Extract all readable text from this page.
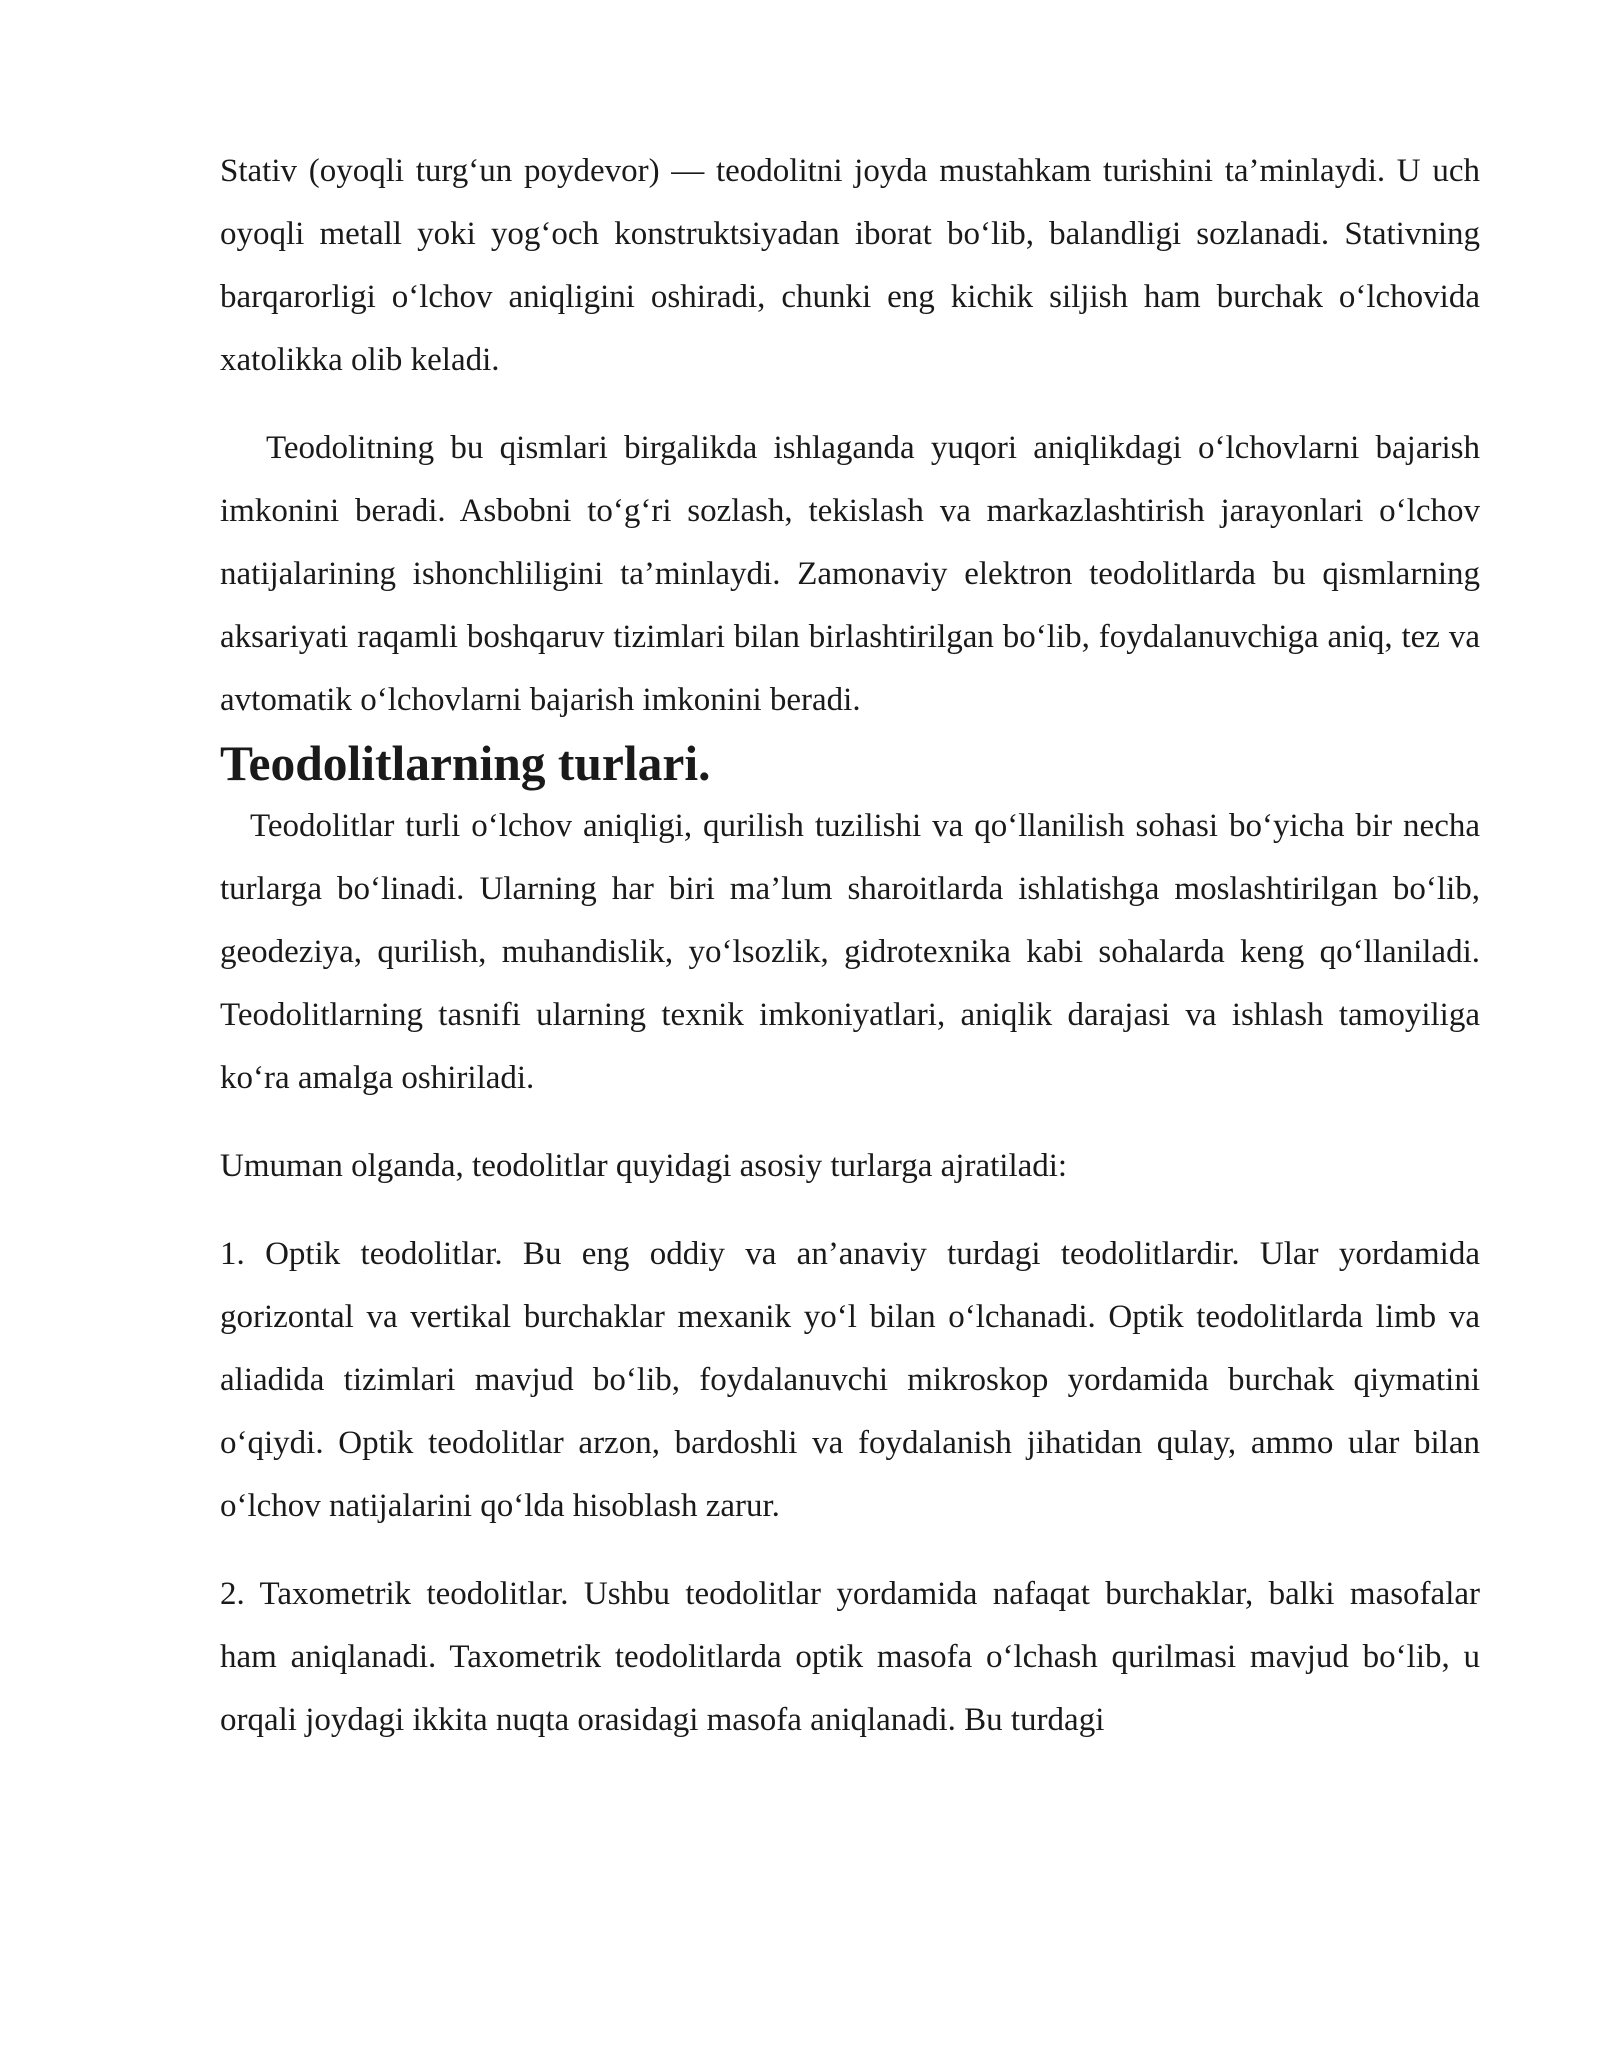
Stativ (oyoqli turg‘un poydevor) — teodolitni joyda mustahkam turishini ta’minlaydi. U uch oyoqli metall yoki yog‘och konstruktsiyadan iborat bo‘lib, balandligi sozlanadi. Stativning barqarorligi o‘lchov aniqligini oshiradi, chunki eng kichik siljish ham burchak o‘lchovida xatolikka olib keladi.

Teodolitning bu qismlari birgalikda ishlaganda yuqori aniqlikdagi o‘lchovlarni bajarish imkonini beradi. Asbobni to‘g‘ri sozlash, tekislash va markazlashtirish jarayonlari o‘lchov natijalarining ishonchliligini ta’minlaydi. Zamonaviy elektron teodolitlarda bu qismlarning aksariyati raqamli boshqaruv tizimlari bilan birlashtirilgan bo‘lib, foydalanuvchiga aniq, tez va avtomatik o‘lchovlarni bajarish imkonini beradi.

Teodolitlarning turlari.

Teodolitlar turli o‘lchov aniqligi, qurilish tuzilishi va qo‘llanilish sohasi bo‘yicha bir necha turlarga bo‘linadi. Ularning har biri ma’lum sharoitlarda ishlatishga moslashtirilgan bo‘lib, geodeziya, qurilish, muhandislik, yo‘lsozlik, gidrotexnika kabi sohalarda keng qo‘llaniladi. Teodolitlarning tasnifi ularning texnik imkoniyatlari, aniqlik darajasi va ishlash tamoyiliga ko‘ra amalga oshiriladi.

Umuman olganda, teodolitlar quyidagi asosiy turlarga ajratiladi:

1. Optik teodolitlar. Bu eng oddiy va an’anaviy turdagi teodolitlardir. Ular yordamida gorizontal va vertikal burchaklar mexanik yo‘l bilan o‘lchanadi. Optik teodolitlarda limb va aliadida tizimlari mavjud bo‘lib, foydalanuvchi mikroskop yordamida burchak qiymatini o‘qiydi. Optik teodolitlar arzon, bardoshli va foydalanish jihatidan qulay, ammo ular bilan o‘lchov natijalarini qo‘lda hisoblash zarur.

2. Taxometrik teodolitlar. Ushbu teodolitlar yordamida nafaqat burchaklar, balki masofalar ham aniqlanadi. Taxometrik teodolitlarda optik masofa o‘lchash qurilmasi mavjud bo‘lib, u orqali joydagi ikkita nuqta orasidagi masofa aniqlanadi. Bu turdagi
